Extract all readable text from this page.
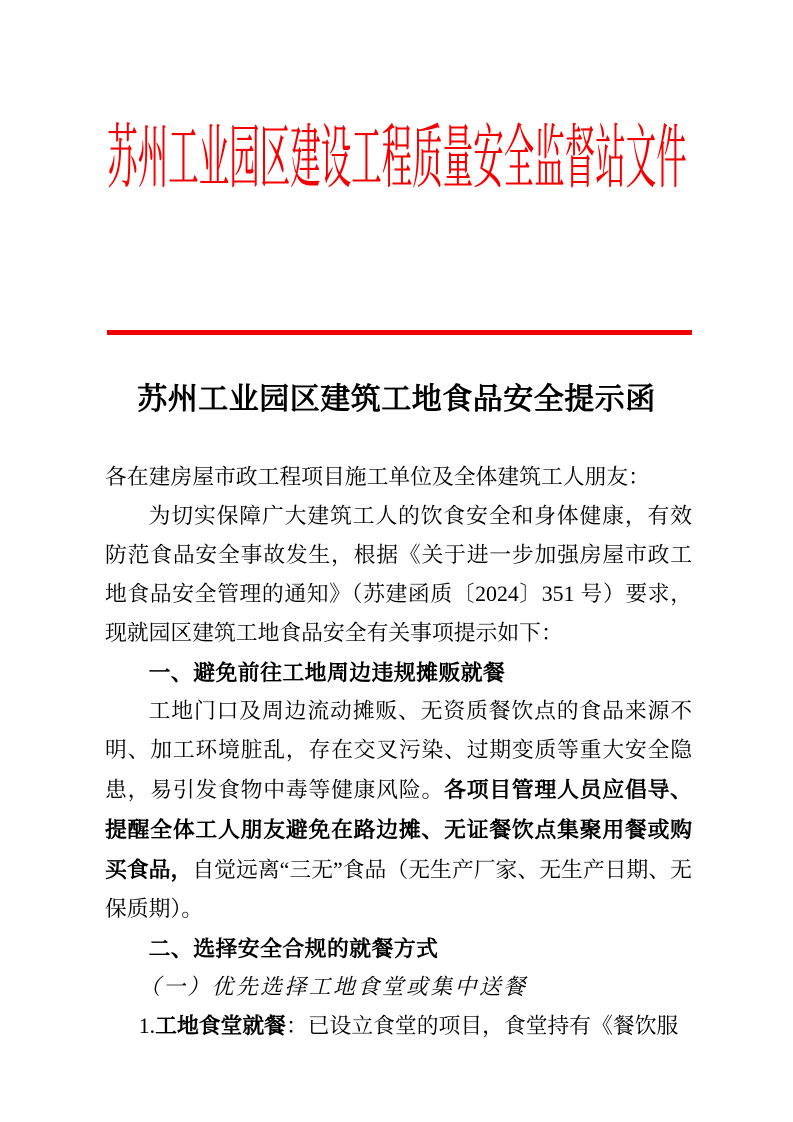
苏州工业园区建设工程质量安全监督站文件
苏州工业园区建筑工地食品安全提示函

各在建房屋市政工程项目施工单位及全体建筑工人朋友：

为切实保障广大建筑工人的饮食安全和身体健康，有效防范食品安全事故发生，根据《关于进一步加强房屋市政工地食品安全管理的通知》（苏建函质〔2024〕351 号）要求，现就园区建筑工地食品安全有关事项提示如下：

一、避免前往工地周边违规摊贩就餐

工地门口及周边流动摊贩、无资质餐饮点的食品来源不明、加工环境脏乱，存在交叉污染、过期变质等重大安全隐患，易引发食物中毒等健康风险。各项目管理人员应倡导、提醒全体工人朋友避免在路边摊、无证餐饮点集聚用餐或购买食品，自觉远离“三无”食品（无生产厂家、无生产日期、无保质期）。

二、选择安全合规的就餐方式

（一）优先选择工地食堂或集中送餐

1.工地食堂就餐：已设立食堂的项目，食堂持有《餐饮服
